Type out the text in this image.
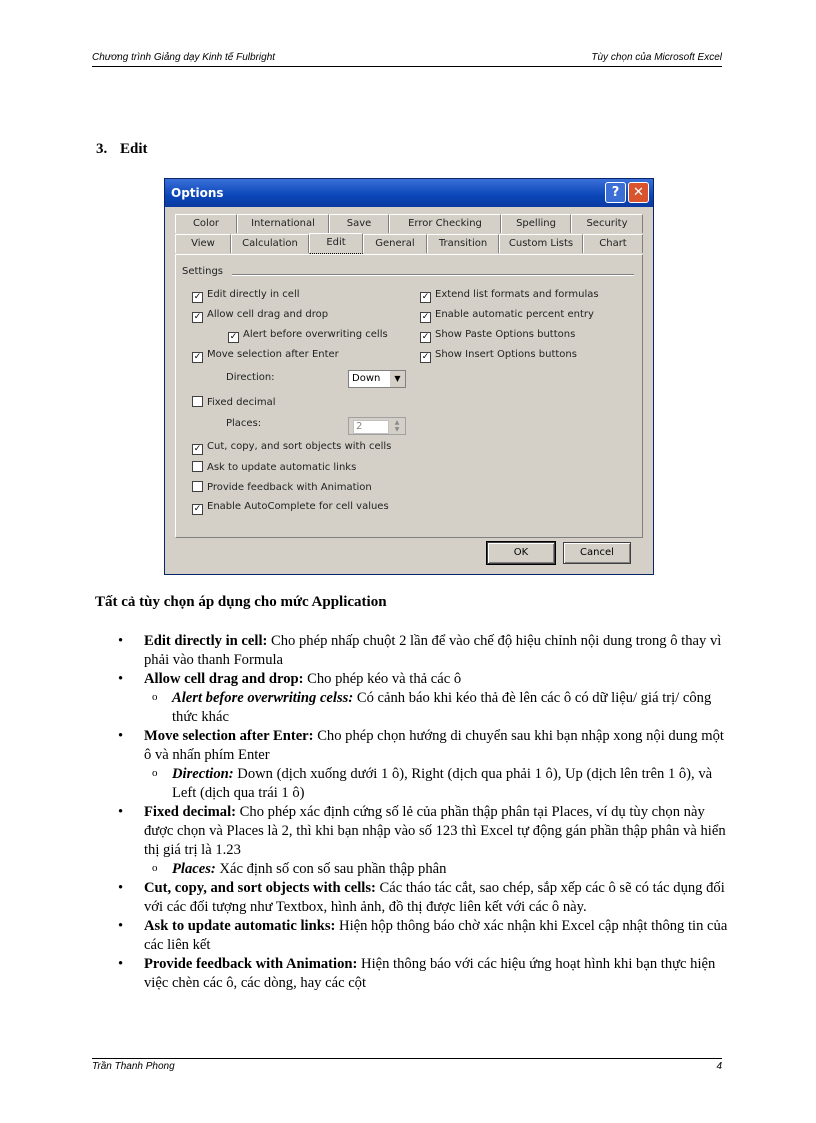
Chương trình Giảng dạy Kinh tế Fulbright	Tùy chọn của Microsoft Excel
3. Edit
Options	?	✕
Color	International	Save	Error Checking	Spelling	Security
View	Calculation	Edit	General	Transition	Custom Lists	Chart
Settings
✓ Edit directly in cell
✓ Allow cell drag and drop
✓ Alert before overwriting cells
✓ Move selection after Enter
Direction:	Down	▼
Fixed decimal
Places:	2	▲
▼
✓ Cut, copy, and sort objects with cells
Ask to update automatic links
Provide feedback with Animation
✓ Enable AutoComplete for cell values
✓ Extend list formats and formulas
✓ Enable automatic percent entry
✓ Show Paste Options buttons
✓ Show Insert Options buttons
OK	Cancel
Tất cả tùy chọn áp dụng cho mức Application
• Edit directly in cell: Cho phép nhấp chuột 2 lần để vào chế độ hiệu chỉnh nội dung trong ô thay vì phải vào thanh Formula
• Allow cell drag and drop: Cho phép kéo và thả các ô
o Alert before overwriting celss: Có cảnh báo khi kéo thả đè lên các ô có dữ liệu/ giá trị/ công thức khác
• Move selection after Enter: Cho phép chọn hướng di chuyển sau khi bạn nhập xong nội dung một ô và nhấn phím Enter
o Direction: Down (dịch xuống dưới 1 ô), Right (dịch qua phải 1 ô), Up (dịch lên trên 1 ô), và Left (dịch qua trái 1 ô)
• Fixed decimal: Cho phép xác định cứng số lẻ của phần thập phân tại Places, ví dụ tùy chọn này được chọn và Places là 2, thì khi bạn nhập vào số 123 thì Excel tự động gán phần thập phân và hiển thị giá trị là 1.23
o Places: Xác định số con số sau phần thập phân
• Cut, copy, and sort objects with cells: Các tháo tác cắt, sao chép, sắp xếp các ô sẽ có tác dụng đối với các đối tượng như Textbox, hình ảnh, đồ thị được liên kết với các ô này.
• Ask to update automatic links: Hiện hộp thông báo chờ xác nhận khi Excel cập nhật thông tin của các liên kết
• Provide feedback with Animation: Hiện thông báo với các hiệu ứng hoạt hình khi bạn thực hiện việc chèn các ô, các dòng, hay các cột
Trần Thanh Phong	4
